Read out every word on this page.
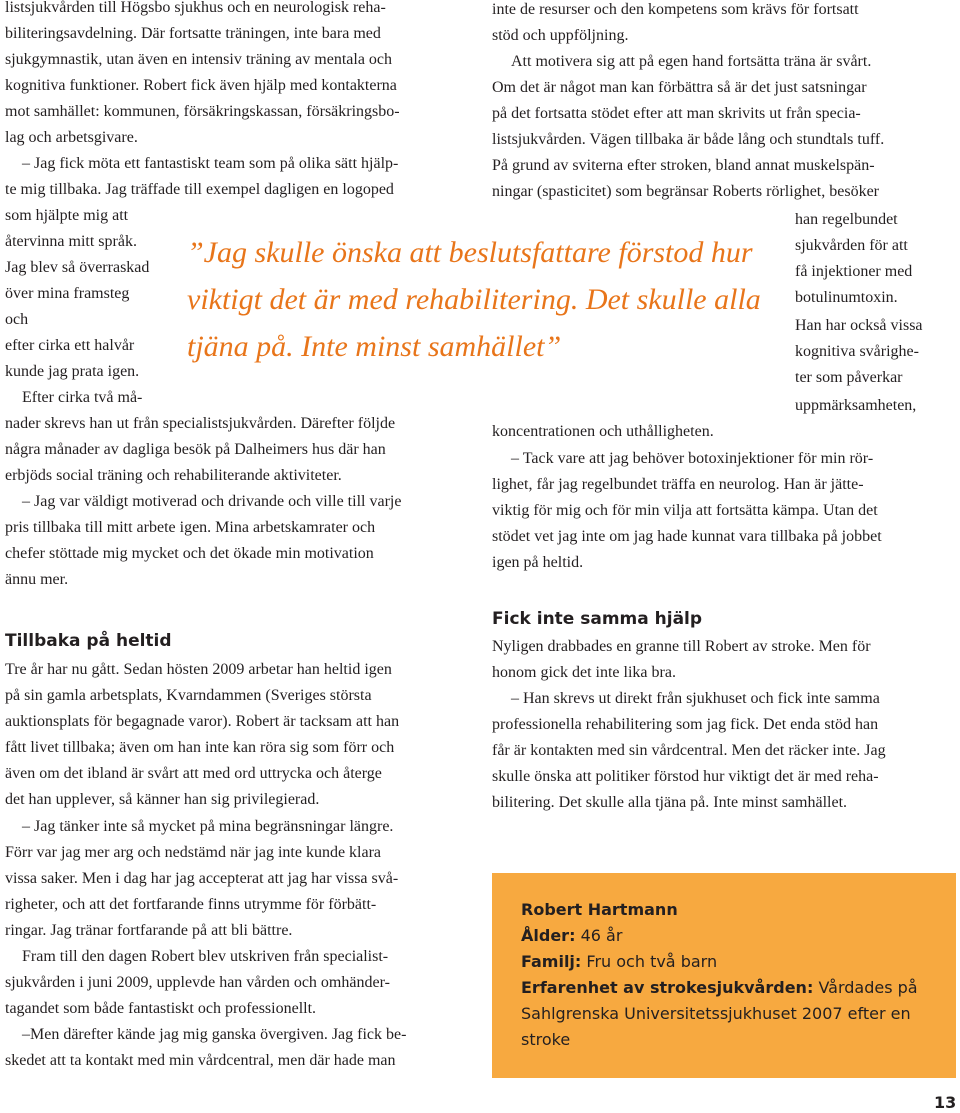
listsjukvården till Högsbo sjukhus och en neurologisk reha-

biliteringsavdelning. Där fortsatte träningen, inte bara med

sjukgymnastik, utan även en intensiv träning av mentala och

kognitiva funktioner. Robert fick även hjälp med kontakterna

mot samhället: kommunen, försäkringskassan, försäkringsbo-

lag och arbetsgivare.

– Jag fick möta ett fantastiskt team som på olika sätt hjälp-

te mig tillbaka. Jag träffade till exempel dagligen en logoped

som hjälpte mig att

återvinna mitt språk.

Jag blev så överraskad

över mina framsteg

och

efter cirka ett halvår

kunde jag prata igen.

Efter cirka två må-

nader skrevs han ut från specialistsjukvården. Därefter följde

några månader av dagliga besök på Dalheimers hus där han

erbjöds social träning och rehabiliterande aktiviteter.

– Jag var väldigt motiverad och drivande och ville till varje

pris tillbaka till mitt arbete igen. Mina arbetskamrater och

chefer stöttade mig mycket och det ökade min motivation

ännu mer.

Tillbaka på heltid

Tre år har nu gått. Sedan hösten 2009 arbetar han heltid igen

på sin gamla arbetsplats, Kvarndammen (Sveriges största

auktionsplats för begagnade varor). Robert är tacksam att han

fått livet tillbaka; även om han inte kan röra sig som förr och

även om det ibland är svårt att med ord uttrycka och återge

det han upplever, så känner han sig privilegierad.

– Jag tänker inte så mycket på mina begränsningar längre.

Förr var jag mer arg och nedstämd när jag inte kunde klara

vissa saker. Men i dag har jag accepterat att jag har vissa svå-

righeter, och att det fortfarande finns utrymme för förbätt-

ringar. Jag tränar fortfarande på att bli bättre.

Fram till den dagen Robert blev utskriven från specialist-

sjukvården i juni 2009, upplevde han vården och omhänder-

tagandet som både fantastiskt och professionellt.

–Men därefter kände jag mig ganska övergiven. Jag fick be-

skedet att ta kontakt med min vårdcentral, men där hade man

inte de resurser och den kompetens som krävs för fortsatt

stöd och uppföljning.

Att motivera sig att på egen hand fortsätta träna är svårt.

Om det är något man kan förbättra så är det just satsningar

på det fortsatta stödet efter att man skrivits ut från specia-

listsjukvården. Vägen tillbaka är både lång och stundtals tuff.

På grund av sviterna efter stroken, bland annat muskelspän-

ningar (spasticitet) som begränsar Roberts rörlighet, besöker

han regelbundet

sjukvården för att

få injektioner med

botulinumtoxin.

Han har också vissa

kognitiva svårighe-

ter som påverkar

uppmärksamheten,

koncentrationen och uthålligheten.

– Tack vare att jag behöver botoxinjektioner för min rör-

lighet, får jag regelbundet träffa en neurolog. Han är jätte-

viktig för mig och för min vilja att fortsätta kämpa. Utan det

stödet vet jag inte om jag hade kunnat vara tillbaka på jobbet

igen på heltid.

Fick inte samma hjälp

Nyligen drabbades en granne till Robert av stroke. Men för

honom gick det inte lika bra.

– Han skrevs ut direkt från sjukhuset och fick inte samma

professionella rehabilitering som jag fick. Det enda stöd han

får är kontakten med sin vårdcentral. Men det räcker inte. Jag

skulle önska att politiker förstod hur viktigt det är med reha-

bilitering. Det skulle alla tjäna på. Inte minst samhället.

”Jag skulle önska att beslutsfattare förstod hur

viktigt det är med rehabilitering. Det skulle alla

tjäna på. Inte minst samhället”

Robert Hartmann

Ålder: 46 år

Familj: Fru och två barn

Erfarenhet av strokesjukvården: Vårdades på

Sahlgrenska Universitetssjukhuset 2007 efter en

stroke

13
